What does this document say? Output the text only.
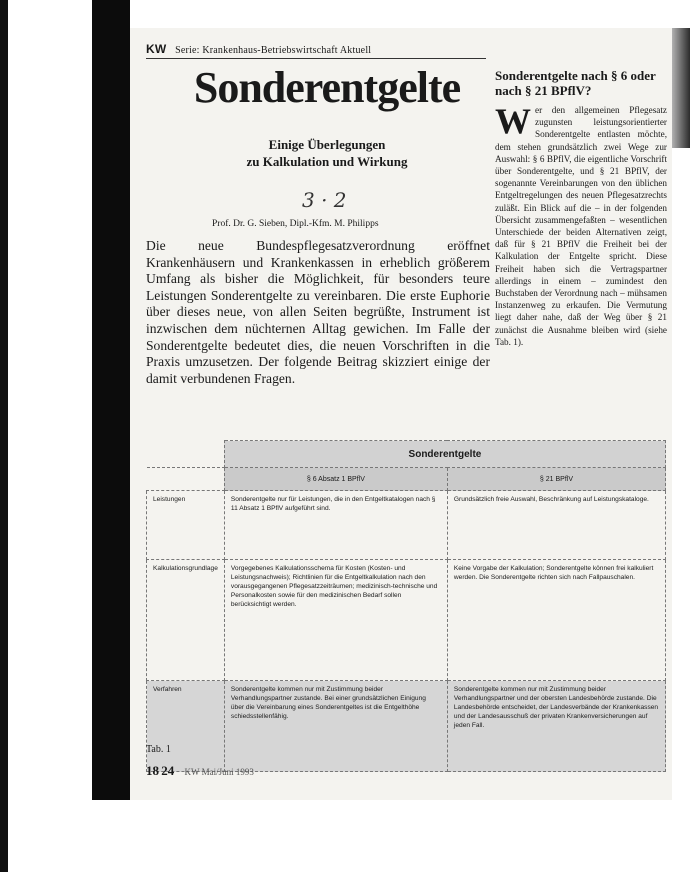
KW Serie: Krankenhaus-Betriebswirtschaft Aktuell
Sonderentgelte
Einige Überlegungen
zu Kalkulation und Wirkung
3 · 2
Prof. Dr. G. Sieben, Dipl.-Kfm. M. Philipps
Die neue Bundespflegesatzverordnung eröffnet Krankenhäusern und Krankenkassen in erheblich größerem Umfang als bisher die Möglichkeit, für besonders teure Leistungen Sonderentgelte zu vereinbaren. Die erste Euphorie über dieses neue, von allen Seiten begrüßte, Instrument ist inzwischen dem nüchternen Alltag gewichen. Im Falle der Sonderentgelte bedeutet dies, die neuen Vorschriften in die Praxis umzusetzen. Der folgende Beitrag skizziert einige der damit verbundenen Fragen.
Sonderentgelte nach § 6 oder nach § 21 BPflV?
W er den allgemeinen Pflegesatz zugunsten leistungsorientierter Sonderentgelte entlasten möchte, dem stehen grundsätzlich zwei Wege zur Auswahl: § 6 BPflV, die eigentliche Vorschrift über Sonderentgelte, und § 21 BPflV, der sogenannte Vereinbarungen von den üblichen Entgeltregelungen des neuen Pflegesatzrechts zuläßt. Ein Blick auf die – in der folgenden Übersicht zusammengefaßten – wesentlichen Unterschiede der beiden Alternativen zeigt, daß für § 21 BPflV die Freiheit bei der Kalkulation der Entgelte spricht. Diese Freiheit haben sich die Vertragspartner allerdings in einem – zumindest den Buchstaben der Verordnung nach – mühsamen Instanzenweg zu erkaufen. Die Vermutung liegt daher nahe, daß der Weg über § 21 zunächst die Ausnahme bleiben wird (siehe Tab. 1).
	Sonderentgelte	
	§ 6 Absatz 1 BPflV	§ 21 BPflV
Leistungen	Sonderentgelte nur für Leistungen, die in den Entgeltkatalogen nach § 11 Absatz 1 BPflV aufgeführt sind.	Grundsätzlich freie Auswahl, Beschränkung auf Leistungskataloge.
Kalkulationsgrundlage	Vorgegebenes Kalkulationsschema für Kosten (Kosten- und Leistungsnachweis); Richtlinien für die Entgeltkalkulation nach den vorausgegangenen Pflegesatzzeiträumen; medizinisch-technische und Personalkosten sowie für den medizinischen Bedarf sollen berücksichtigt werden.	Keine Vorgabe der Kalkulation; Sonderentgelte können frei kalkuliert werden. Die Sonderentgelte richten sich nach Fallpauschalen.
Verfahren	Sonderentgelte kommen nur mit Zustimmung beider Verhandlungspartner zustande. Bei einer grundsätzlichen Einigung über die Vereinbarung eines Sonderentgeltes ist die Entgelthöhe schiedsstellenfähig.	Sonderentgelte kommen nur mit Zustimmung beider Verhandlungspartner und der obersten Landesbehörde zustande. Die Landesbehörde entscheidet, der Landesverbände der Krankenkassen und der Landesausschuß der privaten Krankenversicherungen auf jeden Fall.
Tab. 1
18 24 KW Mai/Juni 1993
